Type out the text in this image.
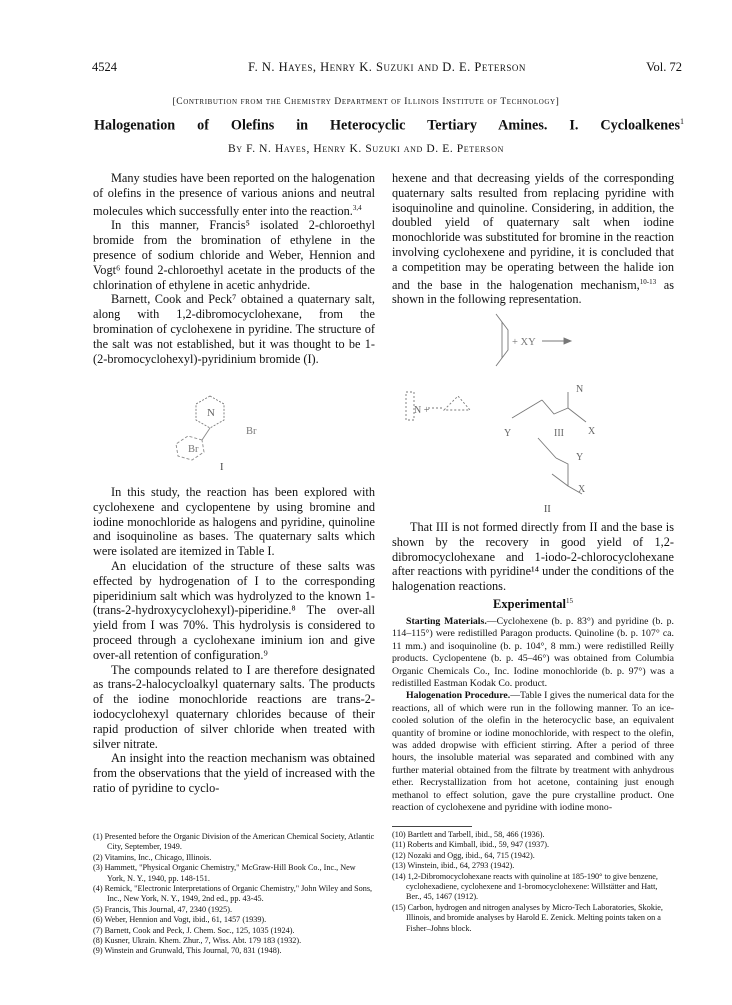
4524	F. N. Hayes, Henry K. Suzuki and D. E. Peterson	Vol. 72
[Contribution from the Chemistry Department of Illinois Institute of Technology]
Halogenation of Olefins in Heterocyclic Tertiary Amines. I. Cycloalkenes$^1$
By F. N. Hayes, Henry K. Suzuki and D. E. Peterson

Many studies have been reported on the halogenation of olefins in the presence of various anions and neutral molecules which successfully enter into the reaction.$^{3,4}$

In this manner, Francis⁵ isolated 2-chloroethyl bromide from the bromination of ethylene in the presence of sodium chloride and Weber, Hennion and Vogt⁶ found 2-chloroethyl acetate in the products of the chlorination of ethylene in acetic anhydride.

Barnett, Cook and Peck⁷ obtained a quaternary salt, along with 1,2-dibromocyclohexane, from the bromination of cyclohexene in pyridine. The structure of the salt was not established, but it was thought to be 1-(2-bromocyclohexyl)-pyridinium bromide (I).

N
Br
Br
I

In this study, the reaction has been explored with cyclohexene and cyclopentene by using bromine and iodine monochloride as halogens and pyridine, quinoline and isoquinoline as bases. The quaternary salts which were isolated are itemized in Table I.

An elucidation of the structure of these salts was effected by hydrogenation of I to the corresponding piperidinium salt which was hydrolyzed to the known 1-(trans-2-hydroxycyclohexyl)-piperidine.⁸ The over-all yield from I was 70%. This hydrolysis is considered to proceed through a cyclohexane iminium ion and give over-all retention of configuration.⁹

The compounds related to I are therefore designated as trans-2-halocycloalkyl quaternary salts. The products of the iodine monochloride reactions are trans-2-iodocyclohexyl quaternary chlorides because of their rapid production of silver chloride when treated with silver nitrate.

An insight into the reaction mechanism was obtained from the observations that the yield of increased with the ratio of pyridine to cyclo-

(1) Presented before the Organic Division of the American Chemical Society, Atlantic City, September, 1949.
(2) Vitamins, Inc., Chicago, Illinois.
(3) Hammett, "Physical Organic Chemistry," McGraw-Hill Book Co., Inc., New York, N. Y., 1940, pp. 148-151.
(4) Remick, "Electronic Interpretations of Organic Chemistry," John Wiley and Sons, Inc., New York, N. Y., 1949, 2nd ed., pp. 43-45.
(5) Francis, This Journal, 47, 2340 (1925).
(6) Weber, Hennion and Vogt, ibid., 61, 1457 (1939).
(7) Barnett, Cook and Peck, J. Chem. Soc., 125, 1035 (1924).
(8) Kusner, Ukrain. Khem. Zhur., 7, Wiss. Abt. 179 183 (1932).
(9) Winstein and Grunwald, This Journal, 70, 831 (1948).

hexene and that decreasing yields of the corresponding quaternary salts resulted from replacing pyridine with isoquinoline and quinoline. Considering, in addition, the doubled yield of quaternary salt when iodine monochloride was substituted for bromine in the reaction involving cyclohexene and pyridine, it is concluded that a competition may be operating between the halide ion and the base in the halogenation mechanism,$^{10-13}$ as shown in the following representation.

+ XY
N +
N
X
Y	III
Y
X
II

That III is not formed directly from II and the base is shown by the recovery in good yield of 1,2-dibromocyclohexane and 1-iodo-2-chlorocyclohexane after reactions with pyridine¹⁴ under the conditions of the halogenation reactions.

Experimental$^{15}$

Starting Materials.—Cyclohexene (b. p. 83°) and pyridine (b. p. 114–115°) were redistilled Paragon products. Quinoline (b. p. 107° ca. 11 mm.) and isoquinoline (b. p. 104°, 8 mm.) were redistilled Reilly products. Cyclopentene (b. p. 45–46°) was obtained from Columbia Organic Chemicals Co., Inc. Iodine monochloride (b. p. 97°) was a redistilled Eastman Kodak Co. product.

Halogenation Procedure.—Table I gives the numerical data for the reactions, all of which were run in the following manner. To an ice-cooled solution of the olefin in the heterocyclic base, an equivalent quantity of bromine or iodine monochloride, with respect to the olefin, was added dropwise with efficient stirring. After a period of three hours, the insoluble material was separated and combined with any further material obtained from the filtrate by treatment with anhydrous ether. Recrystallization from hot acetone, containing just enough methanol to effect solution, gave the pure crystalline product. One reaction of cyclohexene and pyridine with iodine mono-

(10) Bartlett and Tarbell, ibid., 58, 466 (1936).
(11) Roberts and Kimball, ibid., 59, 947 (1937).
(12) Nozaki and Ogg, ibid., 64, 715 (1942).
(13) Winstein, ibid., 64, 2793 (1942).
(14) 1,2-Dibromocyclohexane reacts with quinoline at 185-190° to give benzene, cyclohexadiene, cyclohexene and 1-bromocyclohexene: Willstätter and Hatt, Ber., 45, 1467 (1912).
(15) Carbon, hydrogen and nitrogen analyses by Micro-Tech Laboratories, Skokie, Illinois, and bromide analyses by Harold E. Zenick. Melting points taken on a Fisher–Johns block.
